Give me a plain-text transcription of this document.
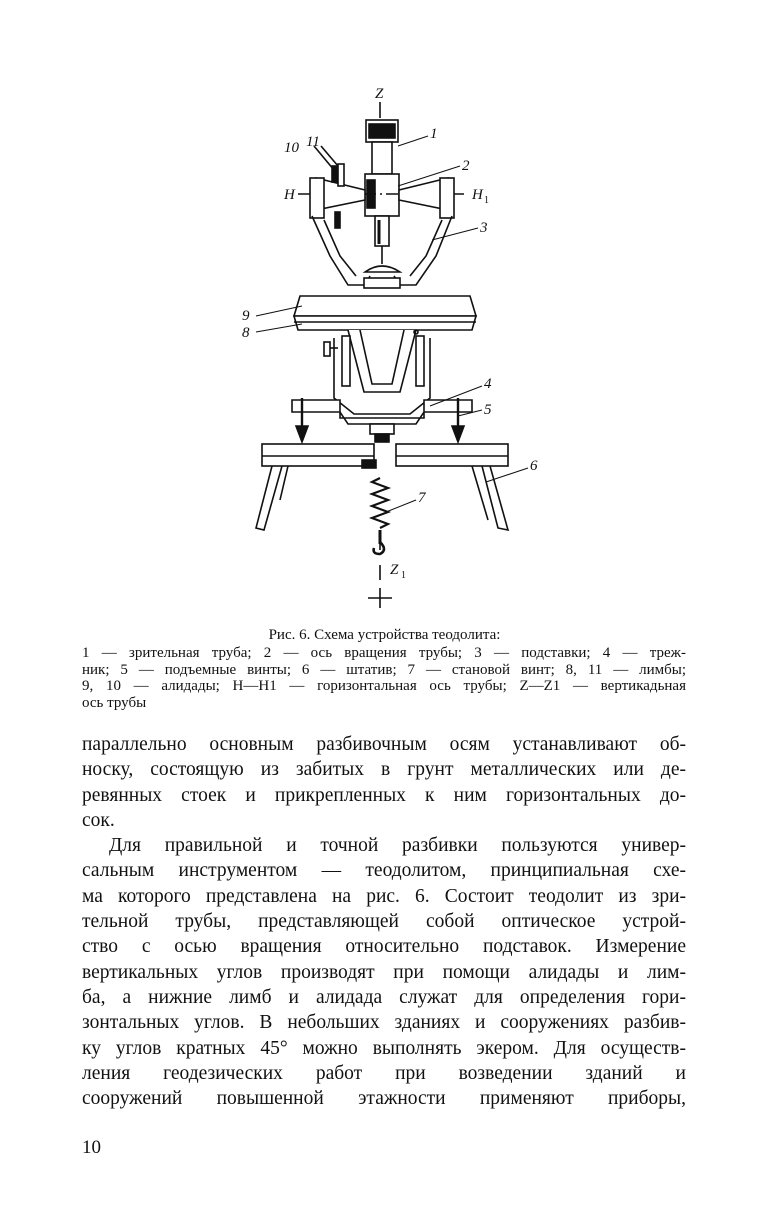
Z
1
2
3
11
10
H	H 1
9
8
4
5
6
7
Z 1
Рис. 6. Схема устройства теодолита:
1 — зрительная труба; 2 — ось вращения трубы; 3 — подставки; 4 — треж-
ник; 5 — подъемные винты; 6 — штатив; 7 — становой винт; 8, 11 — лимбы;
9, 10 — алидады; H—H1 — горизонтальная ось трубы; Z—Z1 — вертикадьная
ось трубы
параллельно основным разбивочным осям устанавливают об-
носку, состоящую из забитых в грунт металлических или де-
ревянных стоек и прикрепленных к ним горизонтальных до-
сок.
Для правильной и точной разбивки пользуются универ-
сальным инструментом — теодолитом, принципиальная схе-
ма которого представлена на рис. 6. Состоит теодолит из зри-
тельной трубы, представляющей собой оптическое устрой-
ство с осью вращения относительно подставок. Измерение
вертикальных углов производят при помощи алидады и лим-
ба, а нижние лимб и алидада служат для определения гори-
зонтальных углов. В небольших зданиях и сооружениях разбив-
ку углов кратных 45° можно выполнять экером. Для осуществ-
ления геодезических работ при возведении зданий и
сооружений повышенной этажности применяют приборы,
10
